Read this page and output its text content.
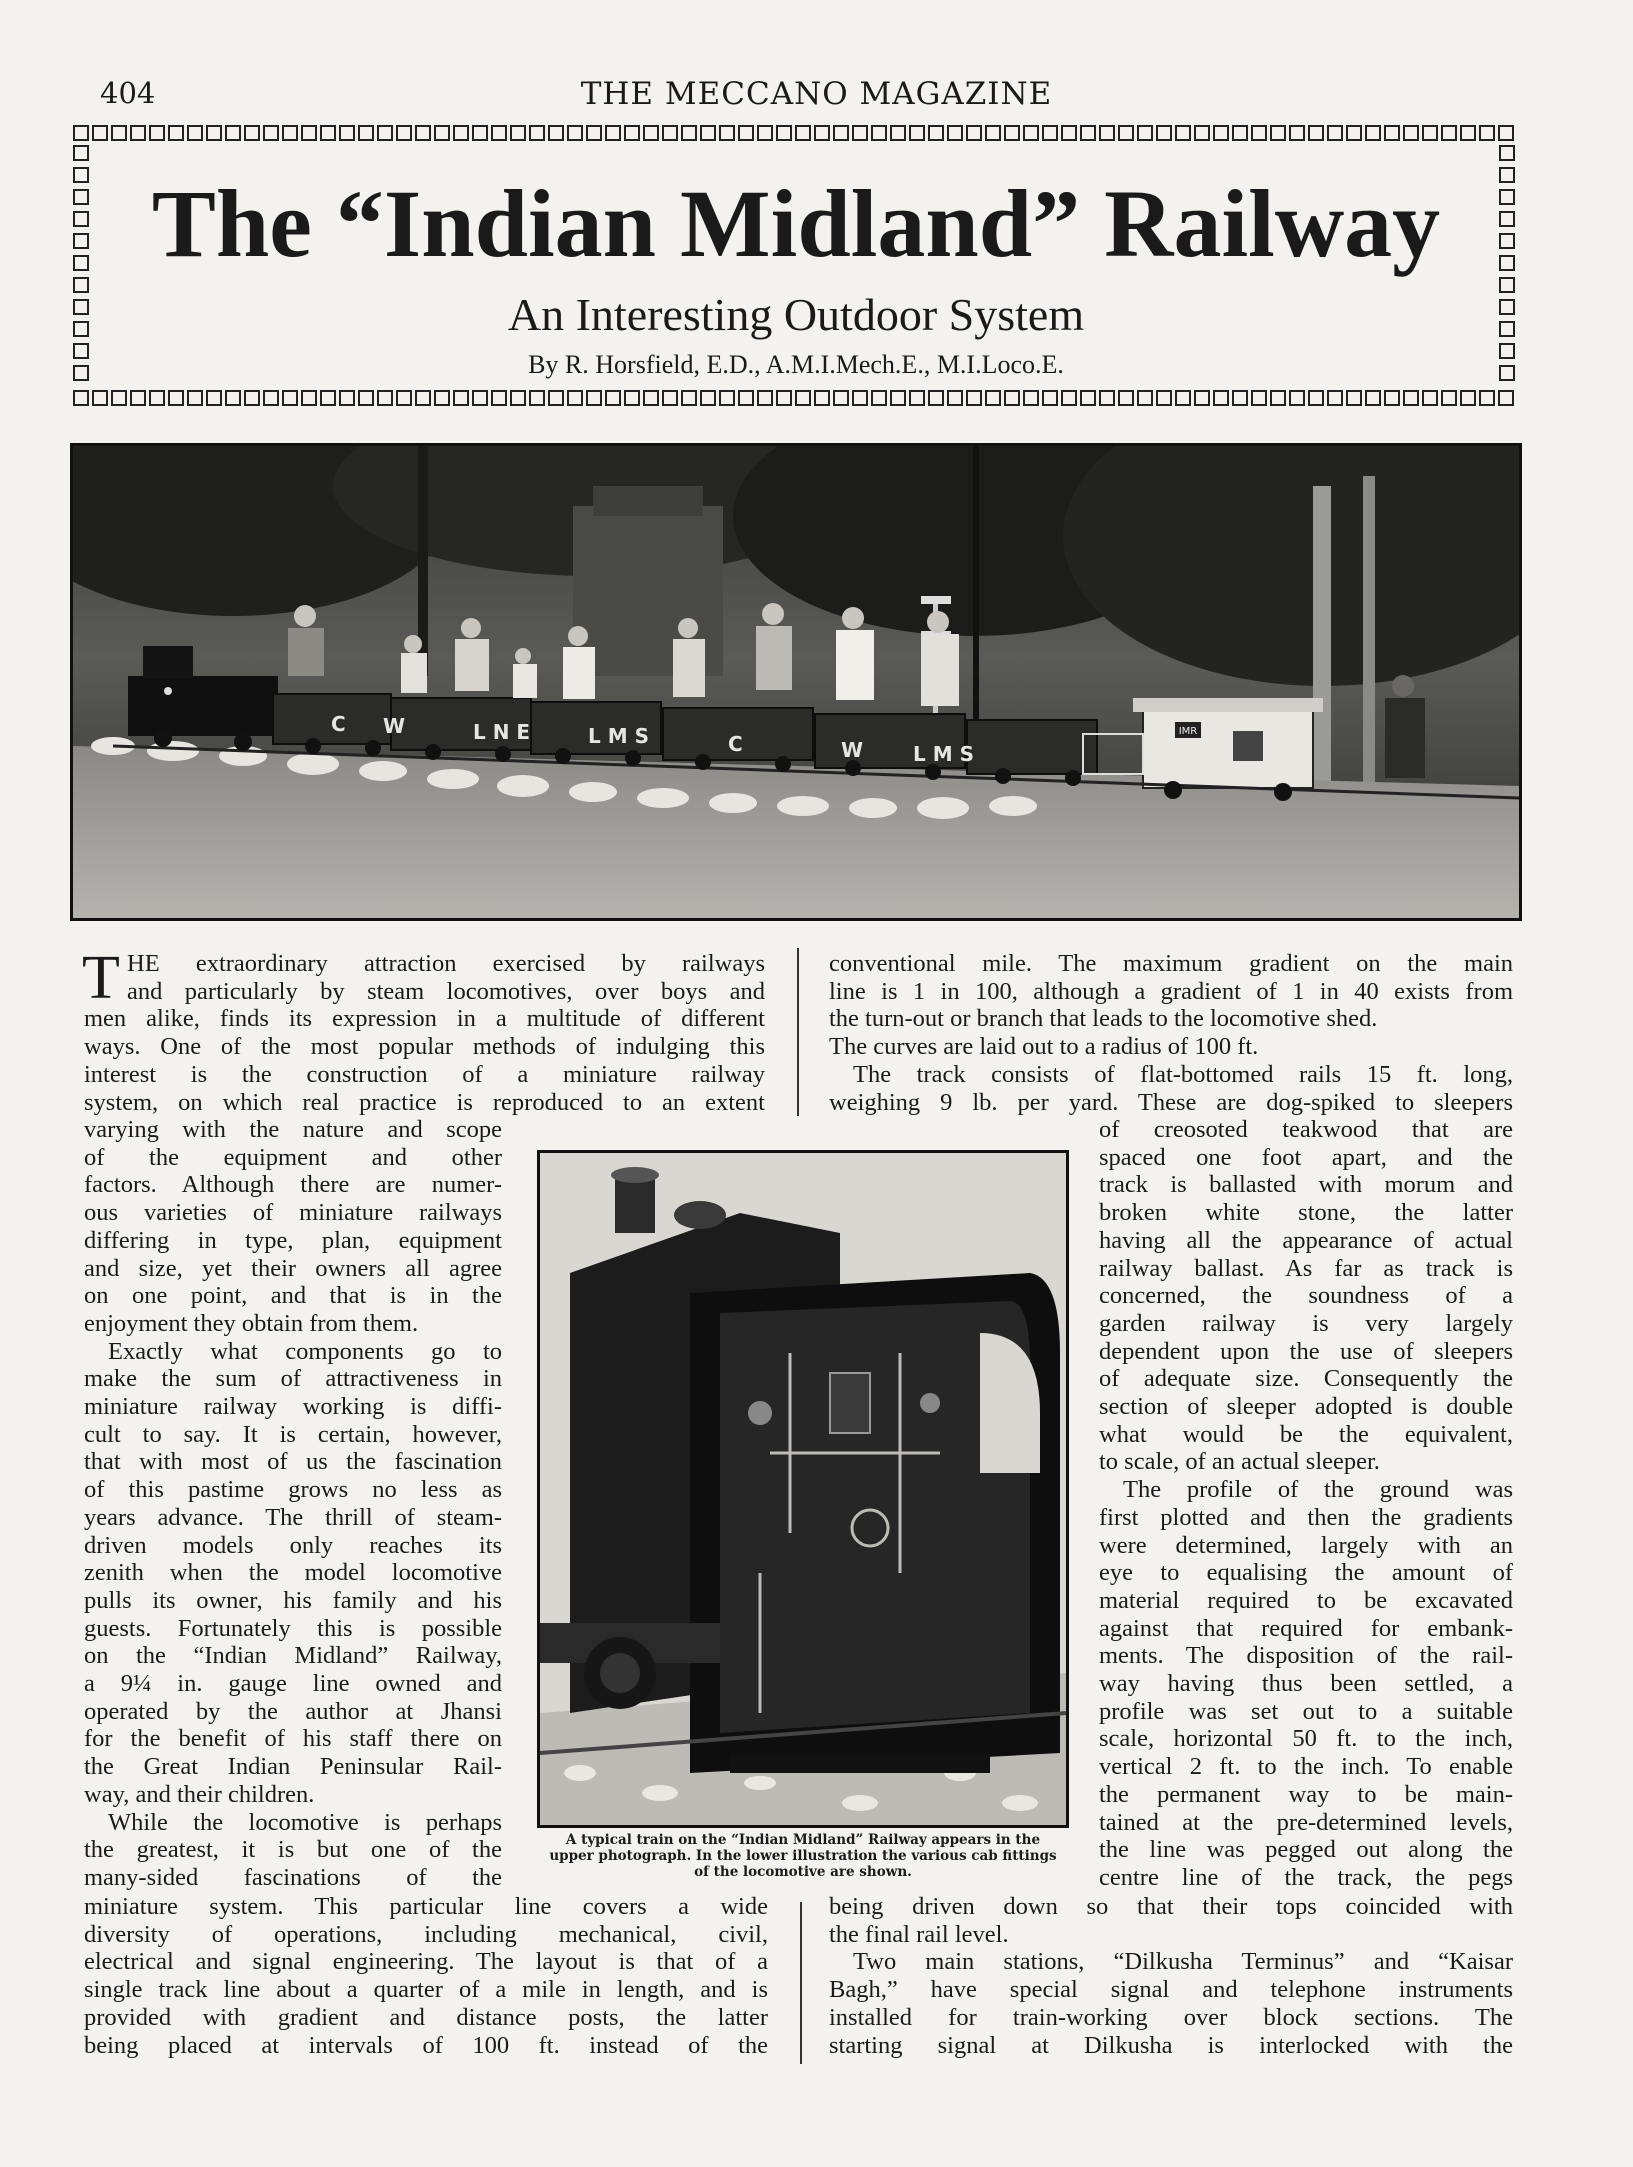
404	THE MECCANO MAGAZINE
The “Indian Midland” Railway
An Interesting Outdoor System
By R. Horsfield, E.D., A.M.I.Mech.E., M.I.Loco.E.
IMR
C W	L N E	L M S	C	W L M S
A typical train on the “Indian Midland” Railway appears in the
upper photograph. In the lower illustration the various cab fittings
of the locomotive are shown.
T HE extraordinary attraction exercised by railways
and particularly by steam locomotives, over boys and
men alike, finds its expression in a multitude of different
ways. One of the most popular methods of indulging this
interest is the construction of a miniature railway
system, on which real practice is reproduced to an extent
varying with the nature and scope
of the equipment and other
factors. Although there are numer-
ous varieties of miniature railways
differing in type, plan, equipment
and size, yet their owners all agree
on one point, and that is in the
enjoyment they obtain from them.
Exactly what components go to
make the sum of attractiveness in
miniature railway working is diffi-
cult to say. It is certain, however,
that with most of us the fascination
of this pastime grows no less as
years advance. The thrill of steam-
driven models only reaches its
zenith when the model locomotive
pulls its owner, his family and his
guests. Fortunately this is possible
on the “Indian Midland” Railway,
a 9¼ in. gauge line owned and
operated by the author at Jhansi
for the benefit of his staff there on
the Great Indian Peninsular Rail-
way, and their children.
While the locomotive is perhaps
the greatest, it is but one of the
many-sided fascinations of the
miniature system. This particular line covers a wide
diversity of operations, including mechanical, civil,
electrical and signal engineering. The layout is that of a
single track line about a quarter of a mile in length, and is
provided with gradient and distance posts, the latter
being placed at intervals of 100 ft. instead of the
conventional mile. The maximum gradient on the main
line is 1 in 100, although a gradient of 1 in 40 exists from
the turn-out or branch that leads to the locomotive shed.
The curves are laid out to a radius of 100 ft.
The track consists of flat-bottomed rails 15 ft. long,
weighing 9 lb. per yard. These are dog-spiked to sleepers
of creosoted teakwood that are
spaced one foot apart, and the
track is ballasted with morum and
broken white stone, the latter
having all the appearance of actual
railway ballast. As far as track is
concerned, the soundness of a
garden railway is very largely
dependent upon the use of sleepers
of adequate size. Consequently the
section of sleeper adopted is double
what would be the equivalent,
to scale, of an actual sleeper.
The profile of the ground was
first plotted and then the gradients
were determined, largely with an
eye to equalising the amount of
material required to be excavated
against that required for embank-
ments. The disposition of the rail-
way having thus been settled, a
profile was set out to a suitable
scale, horizontal 50 ft. to the inch,
vertical 2 ft. to the inch. To enable
the permanent way to be main-
tained at the pre-determined levels,
the line was pegged out along the
centre line of the track, the pegs
being driven down so that their tops coincided with
the final rail level.
Two main stations, “Dilkusha Terminus” and “Kaisar
Bagh,” have special signal and telephone instruments
installed for train-working over block sections. The
starting signal at Dilkusha is interlocked with the
